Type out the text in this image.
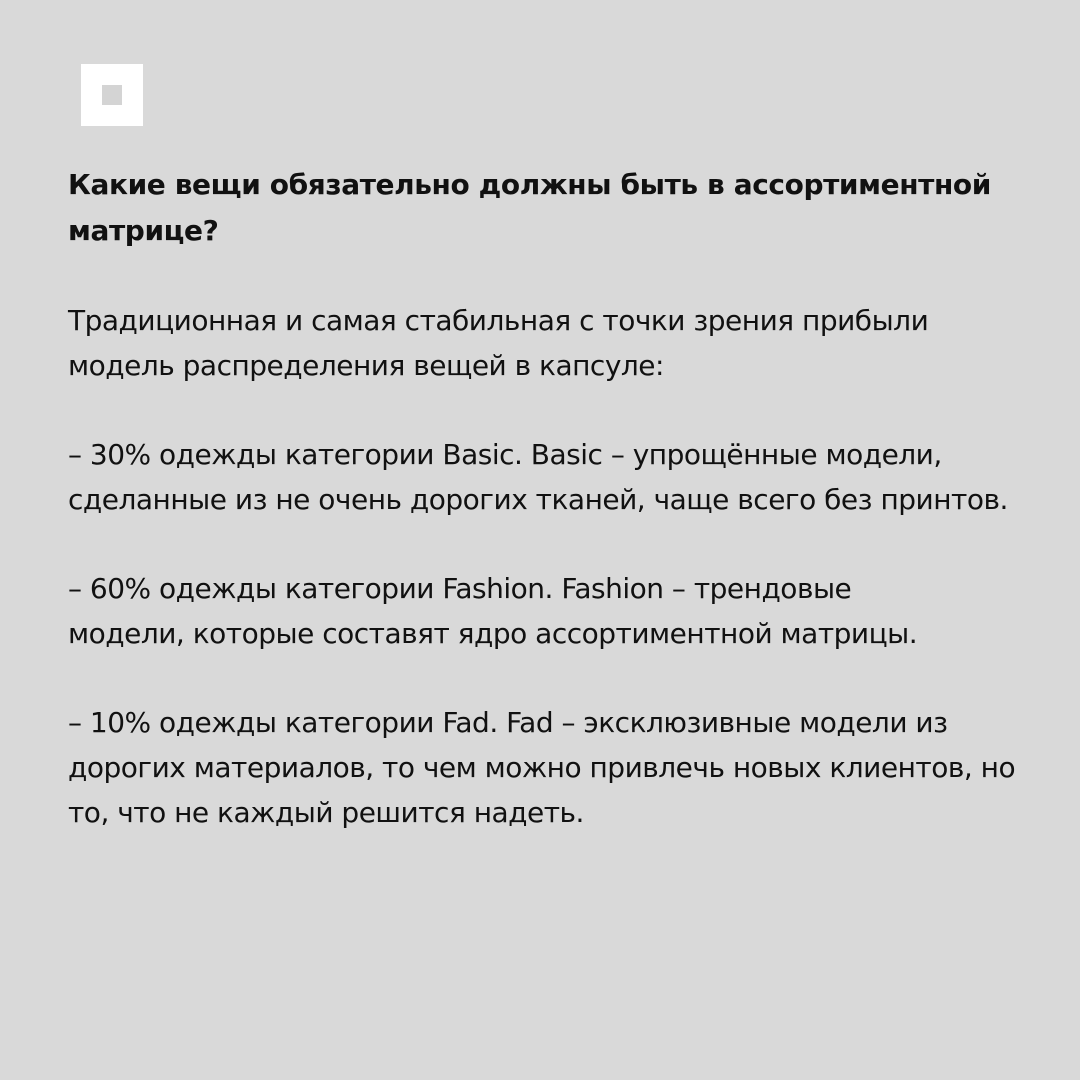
Какие вещи обязательно должны быть в ассортиментной матрице?

Традиционная и самая стабильная с точки зрения прибыли модель распределения вещей в капсуле:

– 30% одежды категории Basic. Basic – упрощённые модели, сделанные из не очень дорогих тканей, чаще всего без принтов.

– 60% одежды категории Fashion. Fashion – трендовые модели, которые составят ядро ассортиментной матрицы.

– 10% одежды категории Fad. Fad – эксклюзивные модели из дорогих материалов, то чем можно привлечь новых клиентов, но то, что не каждый решится надеть.
